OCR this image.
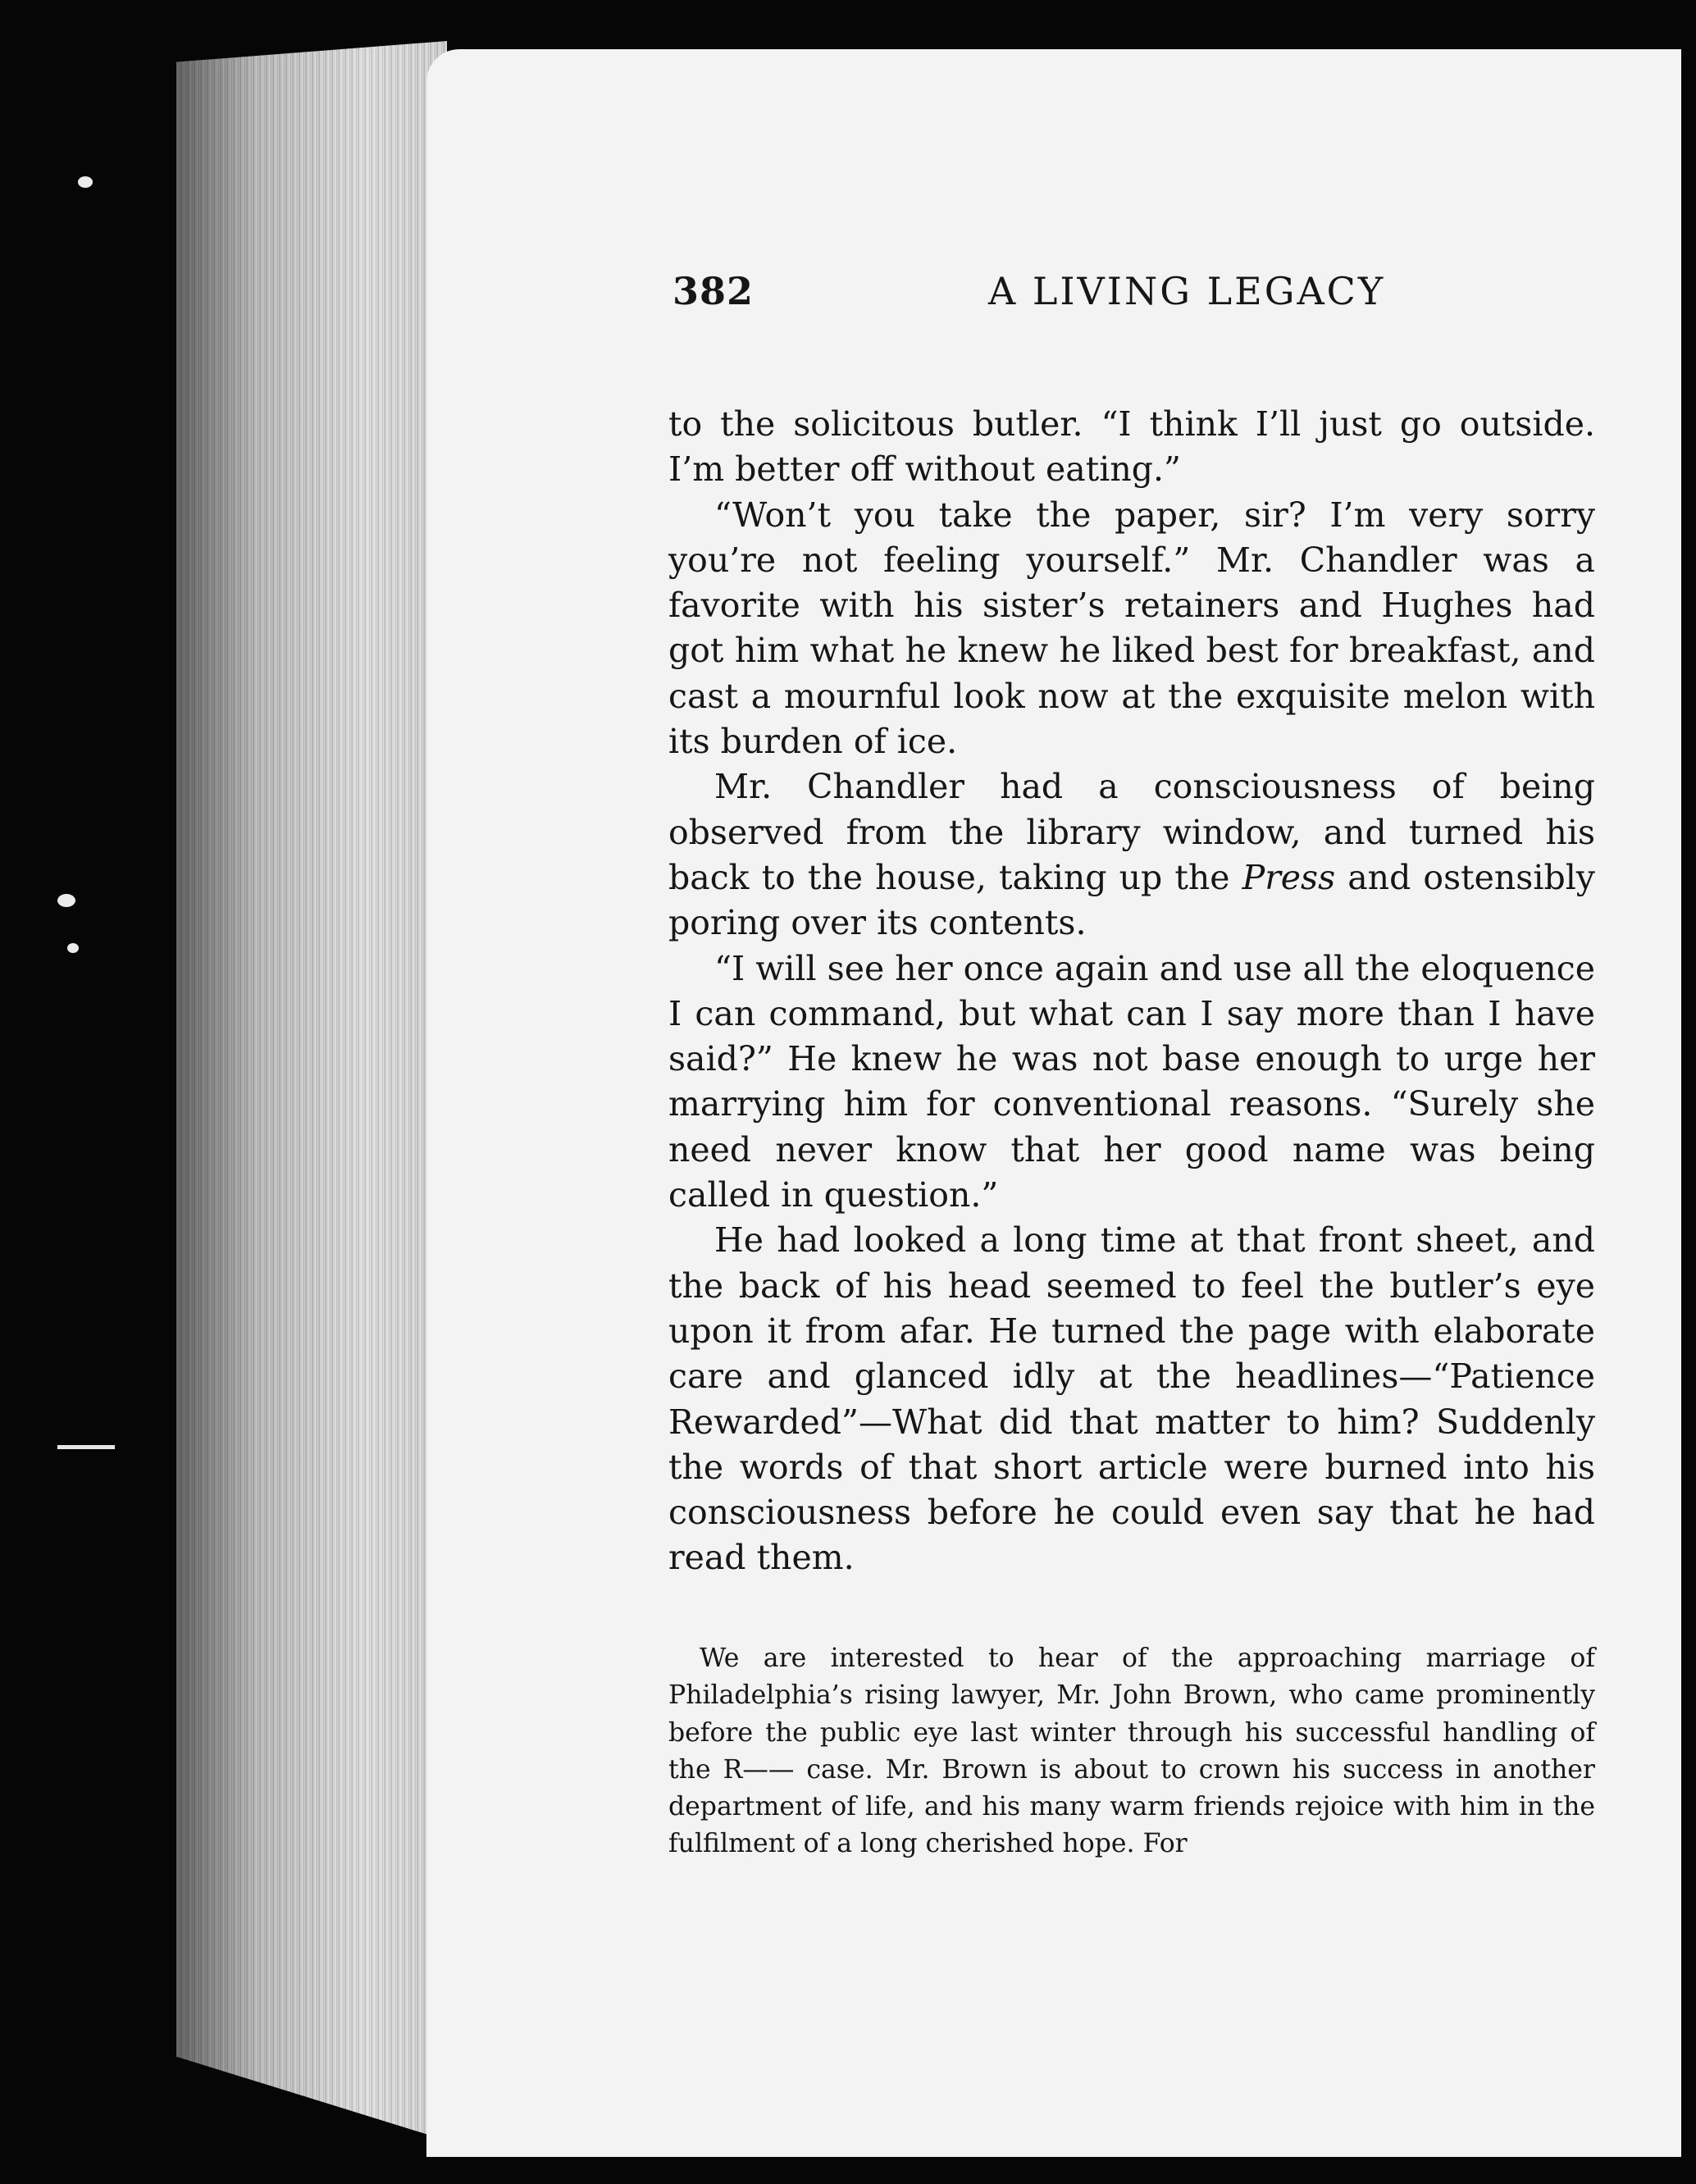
382	A LIVING LEGACY

to the solicitous butler. “I think I’ll just go outside. I’m better off without eating.”

“Won’t you take the paper, sir? I’m very sorry you’re not feeling yourself.” Mr. Chandler was a favorite with his sister’s retainers and Hughes had got him what he knew he liked best for breakfast, and cast a mournful look now at the exquisite melon with its burden of ice.

Mr. Chandler had a consciousness of being observed from the library window, and turned his back to the house, taking up the Press and ostensibly poring over its contents.

“I will see her once again and use all the eloquence I can command, but what can I say more than I have said?” He knew he was not base enough to urge her marrying him for conventional reasons. “Surely she need never know that her good name was being called in question.”

He had looked a long time at that front sheet, and the back of his head seemed to feel the butler’s eye upon it from afar. He turned the page with elaborate care and glanced idly at the headlines—“Patience Rewarded”—What did that matter to him? Suddenly the words of that short article were burned into his consciousness before he could even say that he had read them.

We are interested to hear of the approaching marriage of Philadelphia’s rising lawyer, Mr. John Brown, who came prominently before the public eye last winter through his successful handling of the R—— case. Mr. Brown is about to crown his success in another department of life, and his many warm friends rejoice with him in the fulfilment of a long cherished hope. For
